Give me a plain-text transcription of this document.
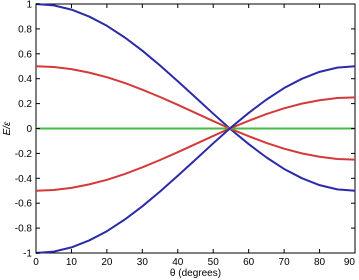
0	10 20 30 40 50 60 70 80 90
-1
-0.8
-0.6
-0.4
-0.2
0
0.2
0.4
0.6
0.8
1
θ (degrees)
E/ε
